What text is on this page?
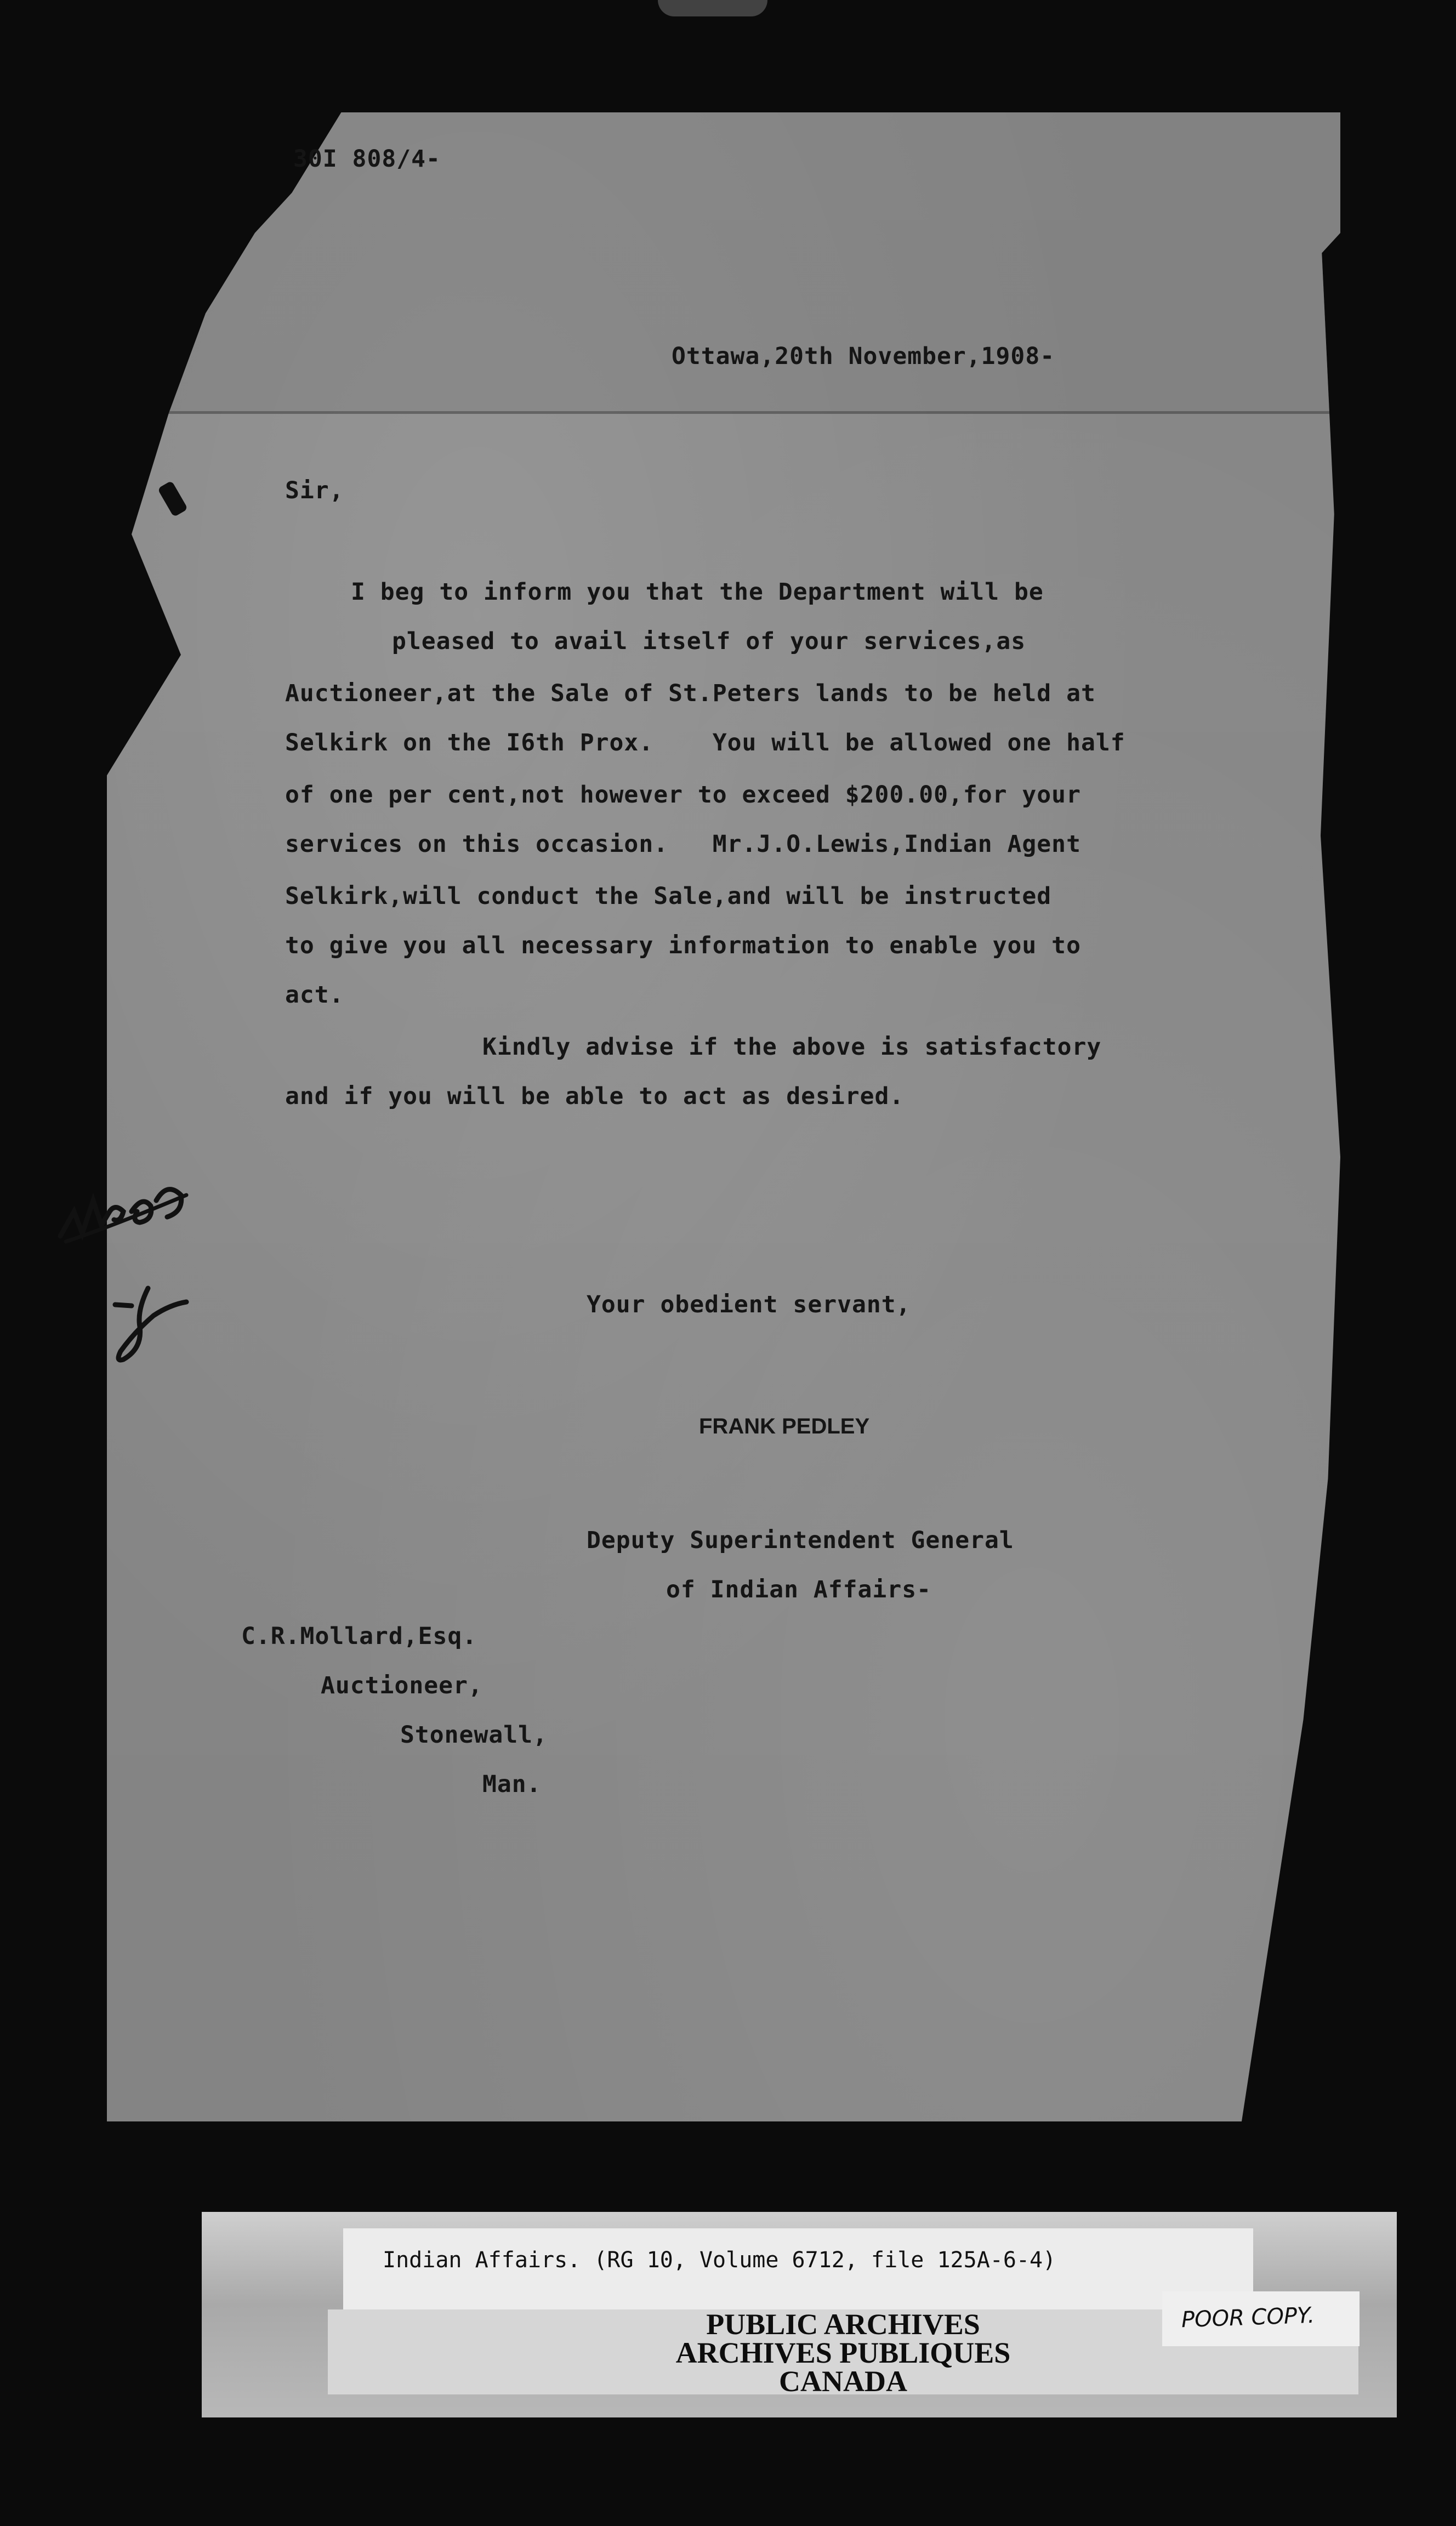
30I 808/4-
Ottawa,20th November,1908-
Sir,
I beg to inform you that the Department will be
pleased to avail itself of your services,as
Auctioneer,at the Sale of St.Peters lands to be held at
Selkirk on the I6th Prox.    You will be allowed one half
of one per cent,not however to exceed $200.00,for your
services on this occasion.   Mr.J.O.Lewis,Indian Agent
Selkirk,will conduct the Sale,and will be instructed
to give you all necessary information to enable you to
act.
Kindly advise if the above is satisfactory
and if you will be able to act as desired.
Your obedient servant,
FRANK PEDLEY
Deputy Superintendent General
of Indian Affairs-
C.R.Mollard,Esq.
Auctioneer,
Stonewall,
Man.
PUBLIC ARCHIVES
ARCHIVES PUBLIQUES
CANADA
Indian Affairs. (RG 10, Volume 6712, file 125A-6-4)
POOR COPY.
